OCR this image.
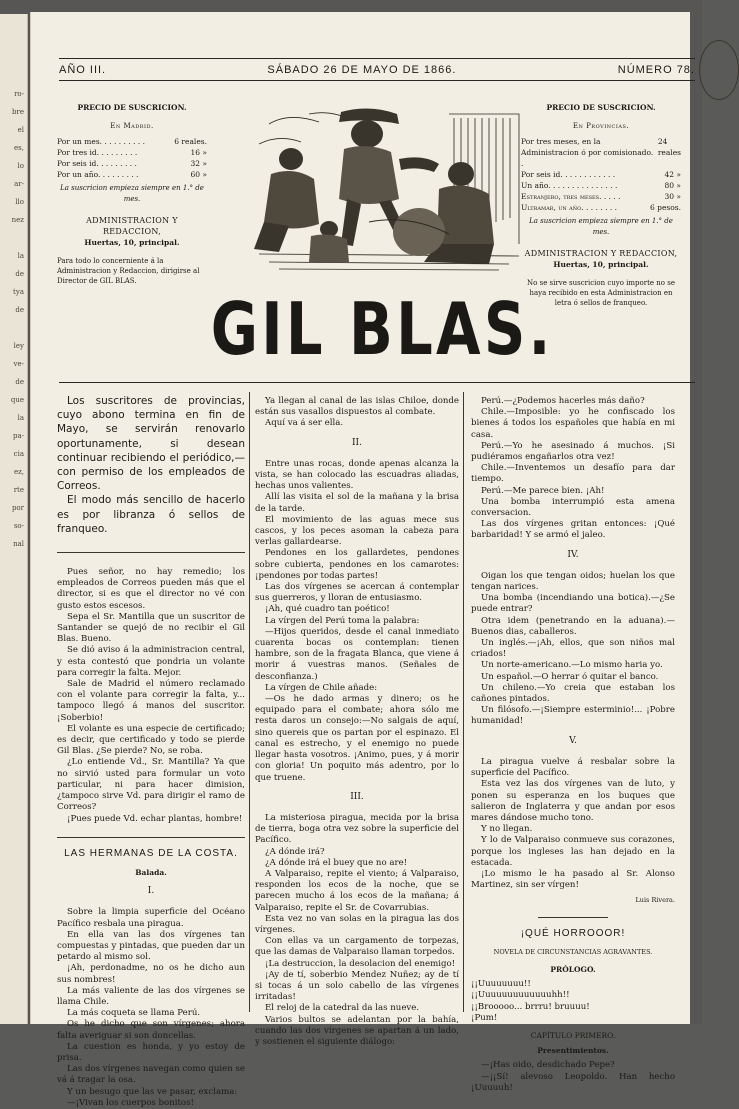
ro-
bre
el
es,
lo
ar-
llo
nez
la
de
tya
de
ley
ve-
de
que
la
pa-
cia
ez,
rte
por
so-
nal
AÑO III.	SÁBADO 26 DE MAYO DE 1866.	NÚMERO 78.
PRECIO DE SUSCRICION.
En Madrid.
Por un mes. . . . . . . . . .	6 reales.
Por tres id. . . . . . . . .	16 »
Por seis id. . . . . . . . .	32 »
Por un año. . . . . . . . .	60 »
La suscricion empieza siempre en 1.° de mes.
ADMINISTRACION Y REDACCION,
Huertas, 10, principal.
Para todo lo concerniente á la Administracion y Redaccion, dirigirse al Director de GIL BLAS.
PRECIO DE SUSCRICION.
En Provincias.
Por tres meses, en la Administracion ó por comisionado. .
24 reales
Por seis id. . . . . . . . . . . .	42 »
Un año. . . . . . . . . . . . . . .	80 »
Estranjero, tres meses. . . . .	30 »
Ultramar, un año. . . . . . . .	6 pesos.
La suscricion empieza siempre en 1.° de mes.
ADMINISTRACION Y REDACCION,
Huertas, 10, principal.
No se sirve suscricion cuyo importe no se haya recibido en esta Administracion en letra ó sellos de franqueo.

Los suscritores de provincias, cuyo abono termina en fin de Mayo, se servirán renovarlo oportunamente, si desean continuar recibiendo el periódico,—con permiso de los empleados de Correos.

El modo más sencillo de hacerlo es por libranza ó sellos de franqueo.

Pues señor, no hay remedio; los empleados de Correos pueden más que el director, si es que el director no vé con gusto estos escesos.

Sepa el Sr. Mantilla que un suscritor de Santander se quejó de no recibir el Gil Blas. Bueno.

Se dió aviso á la administracion central, y esta contestó que pondria un volante para corregir la falta. Mejor.

Sale de Madrid el número reclamado con el volante para corregir la falta, y... tampoco llegó á manos del suscritor. ¡Soberbio!

El volante es una especie de certificado; es decir, que certificado y todo se pierde Gil Blas. ¿Se pierde? No, se roba.

¿Lo entiende Vd., Sr. Mantilla? Ya que no sirvió usted para formular un voto particular, ni para hacer dimision, ¿tampoco sirve Vd. para dirigir el ramo de Correos?

¡Pues puede Vd. echar plantas, hombre!

LAS HERMANAS DE LA COSTA.
Balada.
I.

Sobre la limpia superficie del Océano Pacífico resbala una piragua.

En ella van las dos vírgenes tan compuestas y pintadas, que pueden dar un petardo al mismo sol.

¡Ah, perdonadme, no os he dicho aun sus nombres!

La más valiente de las dos vírgenes se llama Chile.

La más coqueta se llama Perú.

Os he dicho que son vírgenes; ahora falta averiguar si son doncellas.

La cuestion es honda, y yo estoy de prisa.

Las dos vírgenes navegan como quien se vá á tragar la osa.

Y un besugo que las ve pasar, exclama:

—¡Vivan los cuerpos bonitos!

Ya llegan al canal de las islas Chiloe, donde están sus vasallos dispuestos al combate.

Aquí va á ser ella.

II.

Entre unas rocas, donde apenas alcanza la vista, se han colocado las escuadras aliadas, hechas unos valientes.

Allí las visita el sol de la mañana y la brisa de la tarde.

El movimiento de las aguas mece sus cascos, y los peces asoman la cabeza para verlas gallardearse.

Pendones en los gallardetes, pendones sobre cubierta, pendones en los camarotes: ¡pendones por todas partes!

Las dos vírgenes se acercan á contemplar sus guerreros, y lloran de entusiasmo.

¡Ah, qué cuadro tan poético!

La vírgen del Perú toma la palabra:

—Hijos queridos, desde el canal inmediato cuarenta bocas os contemplan: tienen hambre, son de la fragata Blanca, que viene á morir á vuestras manos. (Señales de desconfianza.)

La vírgen de Chile añade:

—Os he dado armas y dinero; os he equipado para el combate; ahora sólo me resta daros un consejo:—No salgais de aquí, sino quereis que os partan por el espinazo. El canal es estrecho, y el enemigo no puede llegar hasta vosotros. ¡Animo, pues, y á morir con gloria! Un poquito más adentro, por lo que truene.

III.

La misteriosa piragua, mecida por la brisa de tierra, boga otra vez sobre la superficie del Pacífico.

¿A dónde irá?

¿A dónde irá el buey que no are!

A Valparaiso, repite el viento; á Valparaiso, responden los ecos de la noche, que se parecen mucho á los ecos de la mañana; á Valparaiso, repite el Sr. de Covarrubias.

Esta vez no van solas en la piragua las dos vírgenes.

Con ellas va un cargamento de torpezas, que las damas de Valparaiso llaman torpedos.

¡La destruccion, la desolacion del enemigo!

¡Ay de tí, soberbio Mendez Nuñez; ay de tí si tocas á un solo cabello de las vírgenes irritadas!

El reloj de la catedral da las nueve.

Varios bultos se adelantan por la bahía, cuando las dos vírgenes se apartan á un lado, y sostienen el siguiente diálogo:

Perú.—¿Podemos hacerles más daño?

Chile.—Imposible: yo he confiscado los bienes á todos los españoles que había en mi casa.

Perú.—Yo he asesinado á muchos. ¡Si pudiéramos engañarlos otra vez!

Chile.—Inventemos un desafío para dar tiempo.

Perú.—Me parece bien. ¡Ah!

Una bomba interrumpió esta amena conversacion.

Las dos vírgenes gritan entonces: ¡Qué barbaridad! Y se armó el jaleo.

IV.

Oigan los que tengan oidos; huelan los que tengan narices.

Una bomba (incendiando una botica).—¿Se puede entrar?

Otra idem (penetrando en la aduana).—Buenos dias, caballeros.

Un inglés.—¡Ah, ellos, que son niños mal criados!

Un norte-americano.—Lo mismo haria yo.

Un español.—O herrar ó quitar el banco.

Un chileno.—Yo creia que estaban los cañones pintados.

Un filósofo.—¡Siempre esterminio!... ¡Pobre humanidad!

V.

La piragua vuelve á resbalar sobre la superficie del Pacífico.

Esta vez las dos vírgenes van de luto, y ponen su esperanza en los buques que salieron de Inglaterra y que andan por esos mares dándose mucho tono.

Y no llegan.

Y lo de Valparaiso conmueve sus corazones, porque los ingleses las han dejado en la estacada.

¡Lo mismo le ha pasado al Sr. Alonso Martinez, sin ser vírgen!

Luis Rivera.
¡QUÉ HORROOOR!
NOVELA DE CIRCUNSTANCIAS AGRAVANTES.
PRÓLOGO.

¡¡Uuuuuuuu!!

¡¡Uuuuuuuuuuuuuhh!!

¡¡Brooooo... brrru! bruuuu!

¡Pum!

CAPÍTULO PRIMERO.
Presentimientos.

—¡Has oido, desdichado Pepe?

—¡¡Sí! alevoso Leopoldo. Han hecho ¡Uuuuuh!

GIL BLAS.
